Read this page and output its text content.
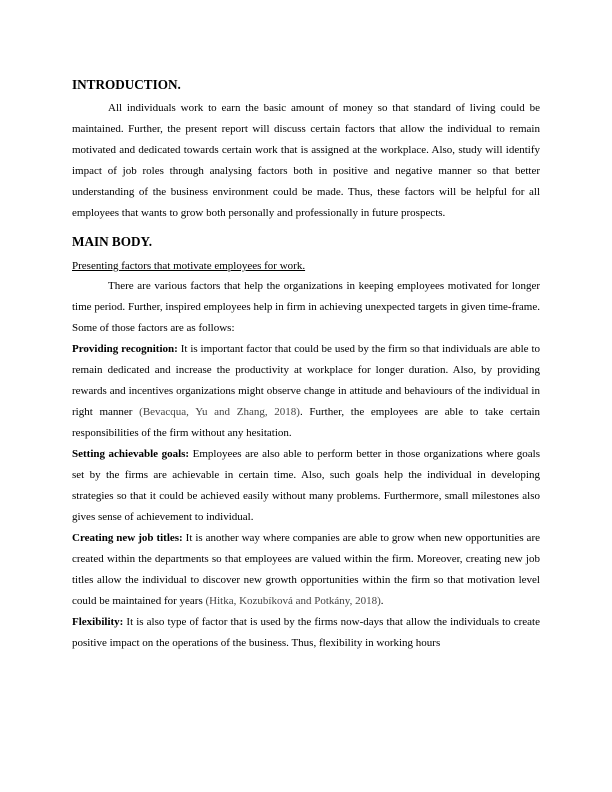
INTRODUCTION.

All individuals work to earn the basic amount of money so that standard of living could be maintained. Further, the present report will discuss certain factors that allow the individual to remain motivated and dedicated towards certain work that is assigned at the workplace. Also, study will identify impact of job roles through analysing factors both in positive and negative manner so that better understanding of the business environment could be made. Thus, these factors will be helpful for all employees that wants to grow both personally and professionally in future prospects.

MAIN BODY.

Presenting factors that motivate employees for work.

There are various factors that help the organizations in keeping employees motivated for longer time period. Further, inspired employees help in firm in achieving unexpected targets in given time-frame. Some of those factors are as follows:

Providing recognition: It is important factor that could be used by the firm so that individuals are able to remain dedicated and increase the productivity at workplace for longer duration. Also, by providing rewards and incentives organizations might observe change in attitude and behaviours of the individual in right manner (Bevacqua, Yu and Zhang, 2018). Further, the employees are able to take certain responsibilities of the firm without any hesitation.

Setting achievable goals: Employees are also able to perform better in those organizations where goals set by the firms are achievable in certain time. Also, such goals help the individual in developing strategies so that it could be achieved easily without many problems. Furthermore, small milestones also gives sense of achievement to individual.

Creating new job titles: It is another way where companies are able to grow when new opportunities are created within the departments so that employees are valued within the firm. Moreover, creating new job titles allow the individual to discover new growth opportunities within the firm so that motivation level could be maintained for years (Hitka, Kozubíková and Potkány, 2018).

Flexibility: It is also type of factor that is used by the firms now-days that allow the individuals to create positive impact on the operations of the business. Thus, flexibility in working hours
